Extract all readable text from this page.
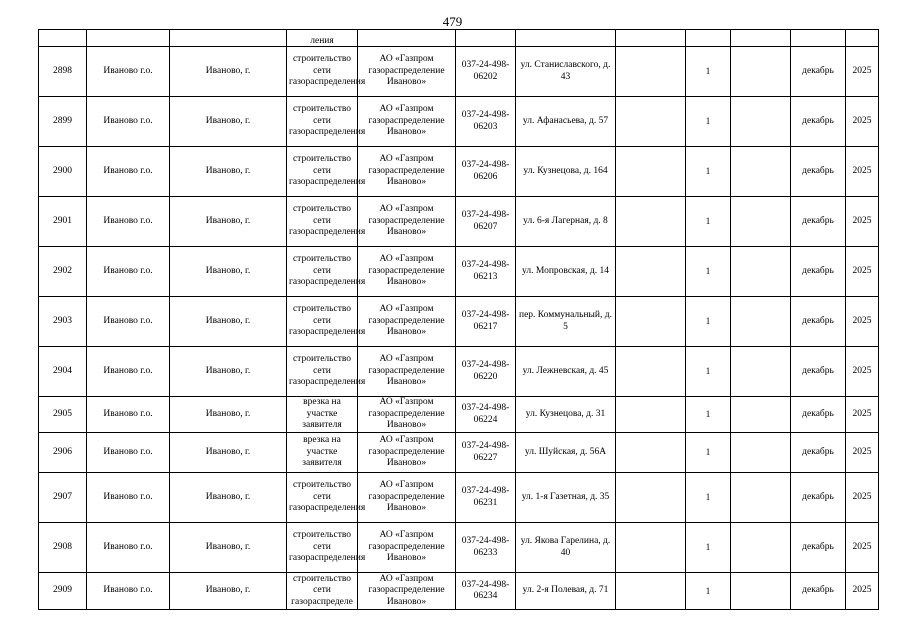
479
			ления								
2898	Иваново г.о.	Иваново, г.	строительство сети газораспределения	АО «Газпром газораспределение Иваново»	037-24-498-06202	ул. Станиславского, д. 43		1		декабрь	2025
2899	Иваново г.о.	Иваново, г.	строительство сети газораспределения	АО «Газпром газораспределение Иваново»	037-24-498-06203	ул. Афанасьева, д. 57		1		декабрь	2025
2900	Иваново г.о.	Иваново, г.	строительство сети газораспределения	АО «Газпром газораспределение Иваново»	037-24-498-06206	ул. Кузнецова, д. 164		1		декабрь	2025
2901	Иваново г.о.	Иваново, г.	строительство сети газораспределения	АО «Газпром газораспределение Иваново»	037-24-498-06207	ул. 6-я Лагерная, д. 8		1		декабрь	2025
2902	Иваново г.о.	Иваново, г.	строительство сети газораспределения	АО «Газпром газораспределение Иваново»	037-24-498-06213	ул. Мопровская, д. 14		1		декабрь	2025
2903	Иваново г.о.	Иваново, г.	строительство сети газораспределения	АО «Газпром газораспределение Иваново»	037-24-498-06217	пер. Коммунальный, д. 5		1		декабрь	2025
2904	Иваново г.о.	Иваново, г.	строительство сети газораспределения	АО «Газпром газораспределение Иваново»	037-24-498-06220	ул. Лежневская, д. 45		1		декабрь	2025
2905	Иваново г.о.	Иваново, г.	врезка на участке заявителя	АО «Газпром газораспределение Иваново»	037-24-498-06224	ул. Кузнецова, д. 31		1		декабрь	2025
2906	Иваново г.о.	Иваново, г.	врезка на участке заявителя	АО «Газпром газораспределение Иваново»	037-24-498-06227	ул. Шуйская, д. 56А		1		декабрь	2025
2907	Иваново г.о.	Иваново, г.	строительство сети газораспределения	АО «Газпром газораспределение Иваново»	037-24-498-06231	ул. 1-я Газетная, д. 35		1		декабрь	2025
2908	Иваново г.о.	Иваново, г.	строительство сети газораспределения	АО «Газпром газораспределение Иваново»	037-24-498-06233	ул. Якова Гарелина, д. 40		1		декабрь	2025
2909	Иваново г.о.	Иваново, г.	строительство сети газораспределе	АО «Газпром газораспределение Иваново»	037-24-498-06234	ул. 2-я Полевая, д. 71		1		декабрь	2025
